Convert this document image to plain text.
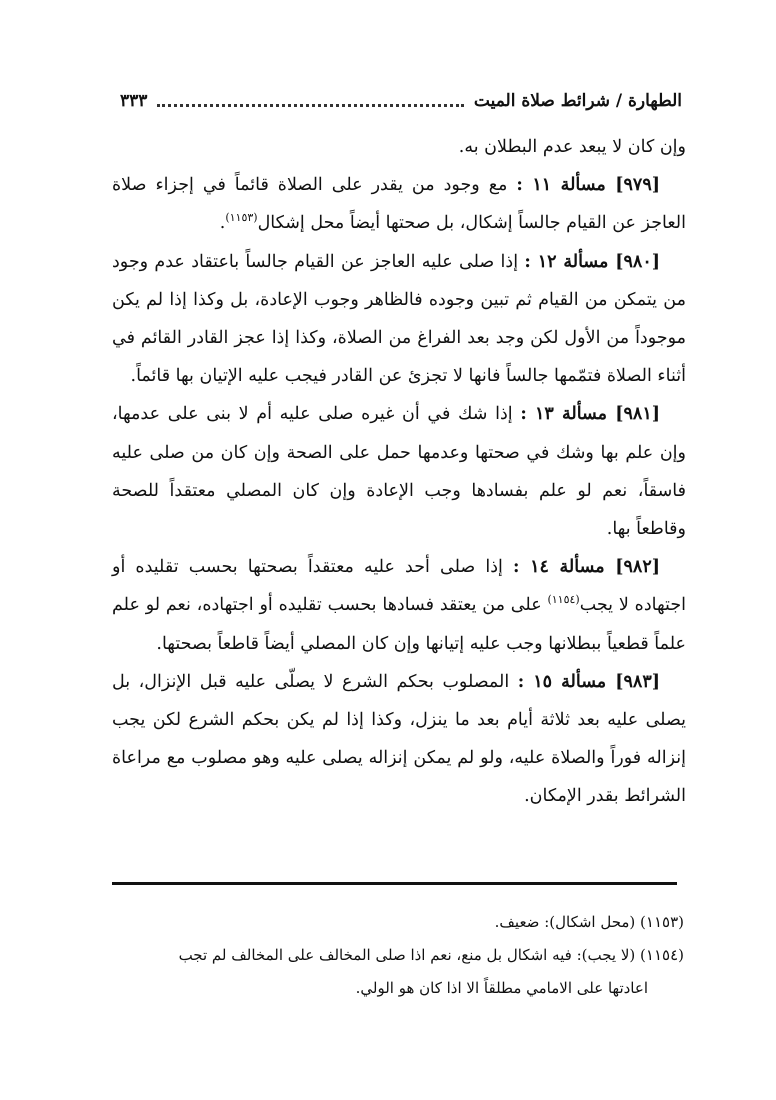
الطهارة / شرائط صلاة الميت
٣٣٣

وإن كان لا يبعد عدم البطلان به.

[٩٧٩] مسألة ١١ : مع وجود من يقدر على الصلاة قائماً في إجزاء صلاة العاجز عن القيام جالساً إشكال، بل صحتها أيضاً محل إشكال$^{(١١٥٣)}$.

[٩٨٠] مسألة ١٢ : إذا صلى عليه العاجز عن القيام جالساً باعتقاد عدم وجود من يتمكن من القيام ثم تبين وجوده فالظاهر وجوب الإعادة، بل وكذا إذا لم يكن موجوداً من الأول لكن وجد بعد الفراغ من الصلاة، وكذا إذا عجز القادر القائم في أثناء الصلاة فتمّمها جالساً فانها لا تجزئ عن القادر فيجب عليه الإتيان بها قائماً.

[٩٨١] مسألة ١٣ : إذا شك في أن غيره صلى عليه أم لا بنى على عدمها، وإن علم بها وشك في صحتها وعدمها حمل على الصحة وإن كان من صلى عليه فاسقاً، نعم لو علم بفسادها وجب الإعادة وإن كان المصلي معتقداً للصحة وقاطعاً بها.

[٩٨٢] مسألة ١٤ : إذا صلى أحد عليه معتقداً بصحتها بحسب تقليده أو اجتهاده لا يجب$^{(١١٥٤)}$ على من يعتقد فسادها بحسب تقليده أو اجتهاده، نعم لو علم علماً قطعياً ببطلانها وجب عليه إتيانها وإن كان المصلي أيضاً قاطعاً بصحتها.

[٩٨٣] مسألة ١٥ : المصلوب بحكم الشرع لا يصلّى عليه قبل الإنزال، بل يصلى عليه بعد ثلاثة أيام بعد ما ينزل، وكذا إذا لم يكن بحكم الشرع لكن يجب إنزاله فوراً والصلاة عليه، ولو لم يمكن إنزاله يصلى عليه وهو مصلوب مع مراعاة الشرائط بقدر الإمكان.

(١١٥٣) (محل اشكال): ضعيف.

(١١٥٤) (لا يجب): فيه اشكال بل منع، نعم اذا صلى المخالف على المخالف لم تجب

اعادتها على الامامي مطلقاً الا اذا كان هو الولي.
